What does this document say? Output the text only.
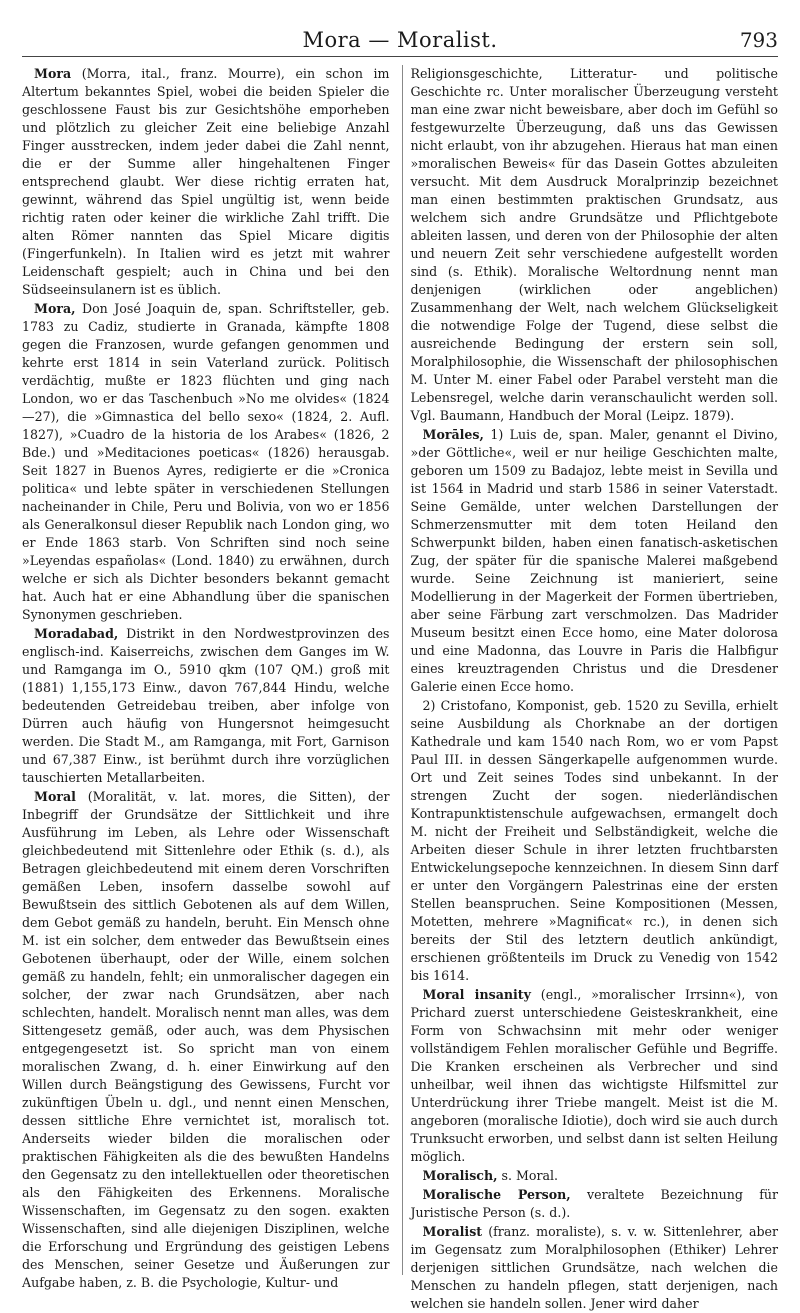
Mora — Moralist.	793

Mora (Morra, ital., franz. Mourre), ein schon im Altertum bekanntes Spiel, wobei die beiden Spieler die geschlossene Faust bis zur Gesichtshöhe emporheben und plötzlich zu gleicher Zeit eine beliebige Anzahl Finger ausstrecken, indem jeder dabei die Zahl nennt, die er der Summe aller hingehaltenen Finger entsprechend glaubt. Wer diese richtig erraten hat, gewinnt, während das Spiel ungültig ist, wenn beide richtig raten oder keiner die wirkliche Zahl trifft. Die alten Römer nannten das Spiel Micare digitis (Fingerfunkeln). In Italien wird es jetzt mit wahrer Leidenschaft gespielt; auch in China und bei den Südseeinsulanern ist es üblich.

Mora, Don José Joaquin de, span. Schriftsteller, geb. 1783 zu Cadiz, studierte in Granada, kämpfte 1808 gegen die Franzosen, wurde gefangen genommen und kehrte erst 1814 in sein Vaterland zurück. Politisch verdächtig, mußte er 1823 flüchten und ging nach London, wo er das Taschenbuch »No me olvides« (1824—27), die »Gimnastica del bello sexo« (1824, 2. Aufl. 1827), »Cuadro de la historia de los Arabes« (1826, 2 Bde.) und »Meditaciones poeticas« (1826) herausgab. Seit 1827 in Buenos Ayres, redigierte er die »Cronica politica« und lebte später in verschiedenen Stellungen nacheinander in Chile, Peru und Bolivia, von wo er 1856 als Generalkonsul dieser Republik nach London ging, wo er Ende 1863 starb. Von Schriften sind noch seine »Leyendas españolas« (Lond. 1840) zu erwähnen, durch welche er sich als Dichter besonders bekannt gemacht hat. Auch hat er eine Abhandlung über die spanischen Synonymen geschrieben.

Moradabad, Distrikt in den Nordwestprovinzen des englisch-ind. Kaiserreichs, zwischen dem Ganges im W. und Ramganga im O., 5910 qkm (107 QM.) groß mit (1881) 1,155,173 Einw., davon 767,844 Hindu, welche bedeutenden Getreidebau treiben, aber infolge von Dürren auch häufig von Hungersnot heimgesucht werden. Die Stadt M., am Ramganga, mit Fort, Garnison und 67,387 Einw., ist berühmt durch ihre vorzüglichen tauschierten Metallarbeiten.

Moral (Moralität, v. lat. mores, die Sitten), der Inbegriff der Grundsätze der Sittlichkeit und ihre Ausführung im Leben, als Lehre oder Wissenschaft gleichbedeutend mit Sittenlehre oder Ethik (s. d.), als Betragen gleichbedeutend mit einem deren Vorschriften gemäßen Leben, insofern dasselbe sowohl auf Bewußtsein des sittlich Gebotenen als auf dem Willen, dem Gebot gemäß zu handeln, beruht. Ein Mensch ohne M. ist ein solcher, dem entweder das Bewußtsein eines Gebotenen überhaupt, oder der Wille, einem solchen gemäß zu handeln, fehlt; ein unmoralischer dagegen ein solcher, der zwar nach Grundsätzen, aber nach schlechten, handelt. Moralisch nennt man alles, was dem Sittengesetz gemäß, oder auch, was dem Physischen entgegengesetzt ist. So spricht man von einem moralischen Zwang, d. h. einer Einwirkung auf den Willen durch Beängstigung des Gewissens, Furcht vor zukünftigen Übeln u. dgl., und nennt einen Menschen, dessen sittliche Ehre vernichtet ist, moralisch tot. Anderseits wieder bilden die moralischen oder praktischen Fähigkeiten als die des bewußten Handelns den Gegensatz zu den intellektuellen oder theoretischen als den Fähigkeiten des Erkennens. Moralische Wissenschaften, im Gegensatz zu den sogen. exakten Wissenschaften, sind alle diejenigen Disziplinen, welche die Erforschung und Ergründung des geistigen Lebens des Menschen, seiner Gesetze und Äußerungen zur Aufgabe haben, z. B. die Psychologie, Kultur- und

Religionsgeschichte, Litteratur- und politische Geschichte rc. Unter moralischer Überzeugung versteht man eine zwar nicht beweisbare, aber doch im Gefühl so festgewurzelte Überzeugung, daß uns das Gewissen nicht erlaubt, von ihr abzugehen. Hieraus hat man einen »moralischen Beweis« für das Dasein Gottes abzuleiten versucht. Mit dem Ausdruck Moralprinzip bezeichnet man einen bestimmten praktischen Grundsatz, aus welchem sich andre Grundsätze und Pflichtgebote ableiten lassen, und deren von der Philosophie der alten und neuern Zeit sehr verschiedene aufgestellt worden sind (s. Ethik). Moralische Weltordnung nennt man denjenigen (wirklichen oder angeblichen) Zusammenhang der Welt, nach welchem Glückseligkeit die notwendige Folge der Tugend, diese selbst die ausreichende Bedingung der erstern sein soll, Moralphilosophie, die Wissenschaft der philosophischen M. Unter M. einer Fabel oder Parabel versteht man die Lebensregel, welche darin veranschaulicht werden soll. Vgl. Baumann, Handbuch der Moral (Leipz. 1879).

Morāles, 1) Luis de, span. Maler, genannt el Divino, »der Göttliche«, weil er nur heilige Geschichten malte, geboren um 1509 zu Badajoz, lebte meist in Sevilla und ist 1564 in Madrid und starb 1586 in seiner Vaterstadt. Seine Gemälde, unter welchen Darstellungen der Schmerzensmutter mit dem toten Heiland den Schwerpunkt bilden, haben einen fanatisch-asketischen Zug, der später für die spanische Malerei maßgebend wurde. Seine Zeichnung ist manieriert, seine Modellierung in der Magerkeit der Formen übertrieben, aber seine Färbung zart verschmolzen. Das Madrider Museum besitzt einen Ecce homo, eine Mater dolorosa und eine Madonna, das Louvre in Paris die Halbfigur eines kreuztragenden Christus und die Dresdener Galerie einen Ecce homo.

2) Cristofano, Komponist, geb. 1520 zu Sevilla, erhielt seine Ausbildung als Chorknabe an der dortigen Kathedrale und kam 1540 nach Rom, wo er vom Papst Paul III. in dessen Sängerkapelle aufgenommen wurde. Ort und Zeit seines Todes sind unbekannt. In der strengen Zucht der sogen. niederländischen Kontrapunktistenschule aufgewachsen, ermangelt doch M. nicht der Freiheit und Selbständigkeit, welche die Arbeiten dieser Schule in ihrer letzten fruchtbarsten Entwickelungsepoche kennzeichnen. In diesem Sinn darf er unter den Vorgängern Palestrinas eine der ersten Stellen beanspruchen. Seine Kompositionen (Messen, Motetten, mehrere »Magnificat« rc.), in denen sich bereits der Stil des letztern deutlich ankündigt, erschienen größtenteils im Druck zu Venedig von 1542 bis 1614.

Moral insanity (engl., »moralischer Irrsinn«), von Prichard zuerst unterschiedene Geisteskrankheit, eine Form von Schwachsinn mit mehr oder weniger vollständigem Fehlen moralischer Gefühle und Begriffe. Die Kranken erscheinen als Verbrecher und sind unheilbar, weil ihnen das wichtigste Hilfsmittel zur Unterdrückung ihrer Triebe mangelt. Meist ist die M. angeboren (moralische Idiotie), doch wird sie auch durch Trunksucht erworben, und selbst dann ist selten Heilung möglich.

Moralisch, s. Moral.

Moralische Person, veraltete Bezeichnung für Juristische Person (s. d.).

Moralist (franz. moraliste), s. v. w. Sittenlehrer, aber im Gegensatz zum Moralphilosophen (Ethiker) Lehrer derjenigen sittlichen Grundsätze, nach welchen die Menschen zu handeln pflegen, statt derjenigen, nach welchen sie handeln sollen. Jener wird daher
